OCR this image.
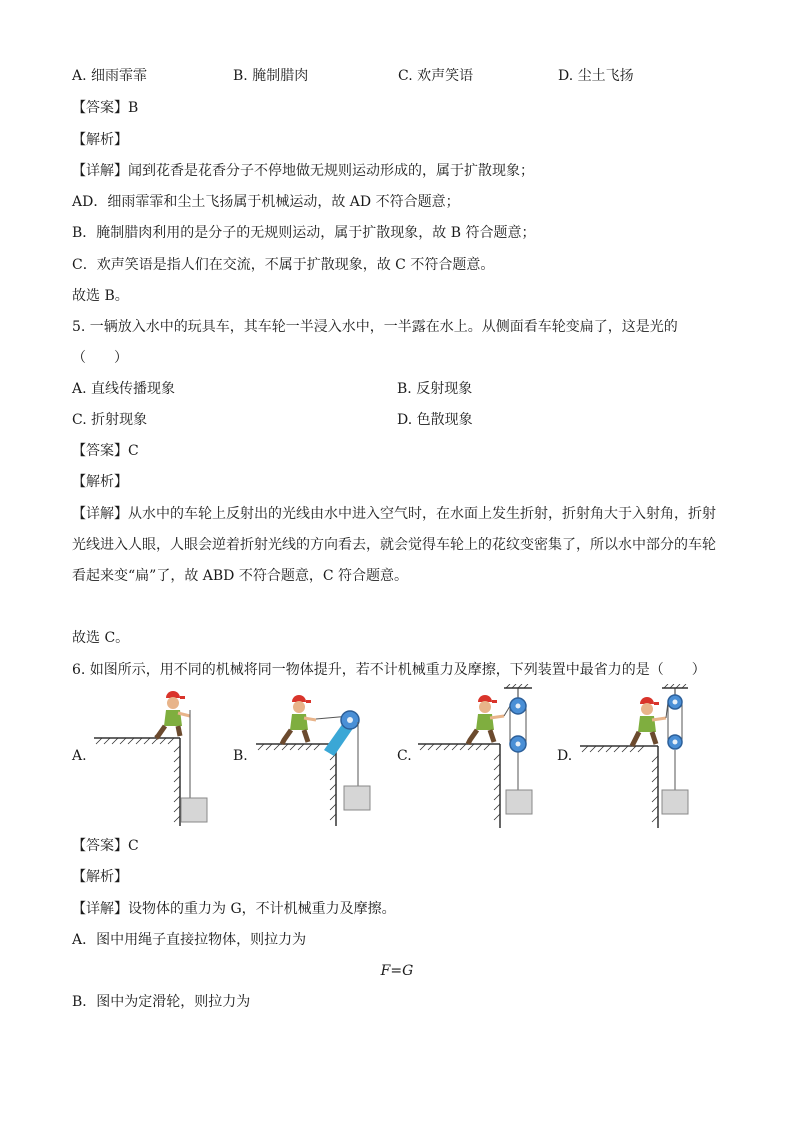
A. 细雨霏霏	B. 腌制腊肉	C. 欢声笑语	D. 尘土飞扬
【答案】B
【解析】
【详解】闻到花香是花香分子不停地做无规则运动形成的，属于扩散现象；
AD．细雨霏霏和尘土飞扬属于机械运动，故 AD 不符合题意；
B．腌制腊肉利用的是分子的无规则运动，属于扩散现象，故 B 符合题意；
C．欢声笑语是指人们在交流，不属于扩散现象，故 C 不符合题意。
故选 B。
5. 一辆放入水中的玩具车，其车轮一半浸入水中，一半露在水上。从侧面看车轮变扁了，这是光的
（　　）
A. 直线传播现象	B. 反射现象
C. 折射现象	D. 色散现象
【答案】C
【解析】
【详解】从水中的车轮上反射出的光线由水中进入空气时，在水面上发生折射，折射角大于入射角，折射
光线进入人眼，人眼会逆着折射光线的方向看去，就会觉得车轮上的花纹变密集了，所以水中部分的车轮
看起来变“扁”了，故 ABD 不符合题意，C 符合题意。
故选 C。
6. 如图所示，用不同的机械将同一物体提升，若不计机械重力及摩擦，下列装置中最省力的是（　　）
A.	B.	C.	D.
【答案】C
【解析】
【详解】设物体的重力为 G，不计机械重力及摩擦。
A．图中用绳子直接拉物体，则拉力为
F=G
B．图中为定滑轮，则拉力为
